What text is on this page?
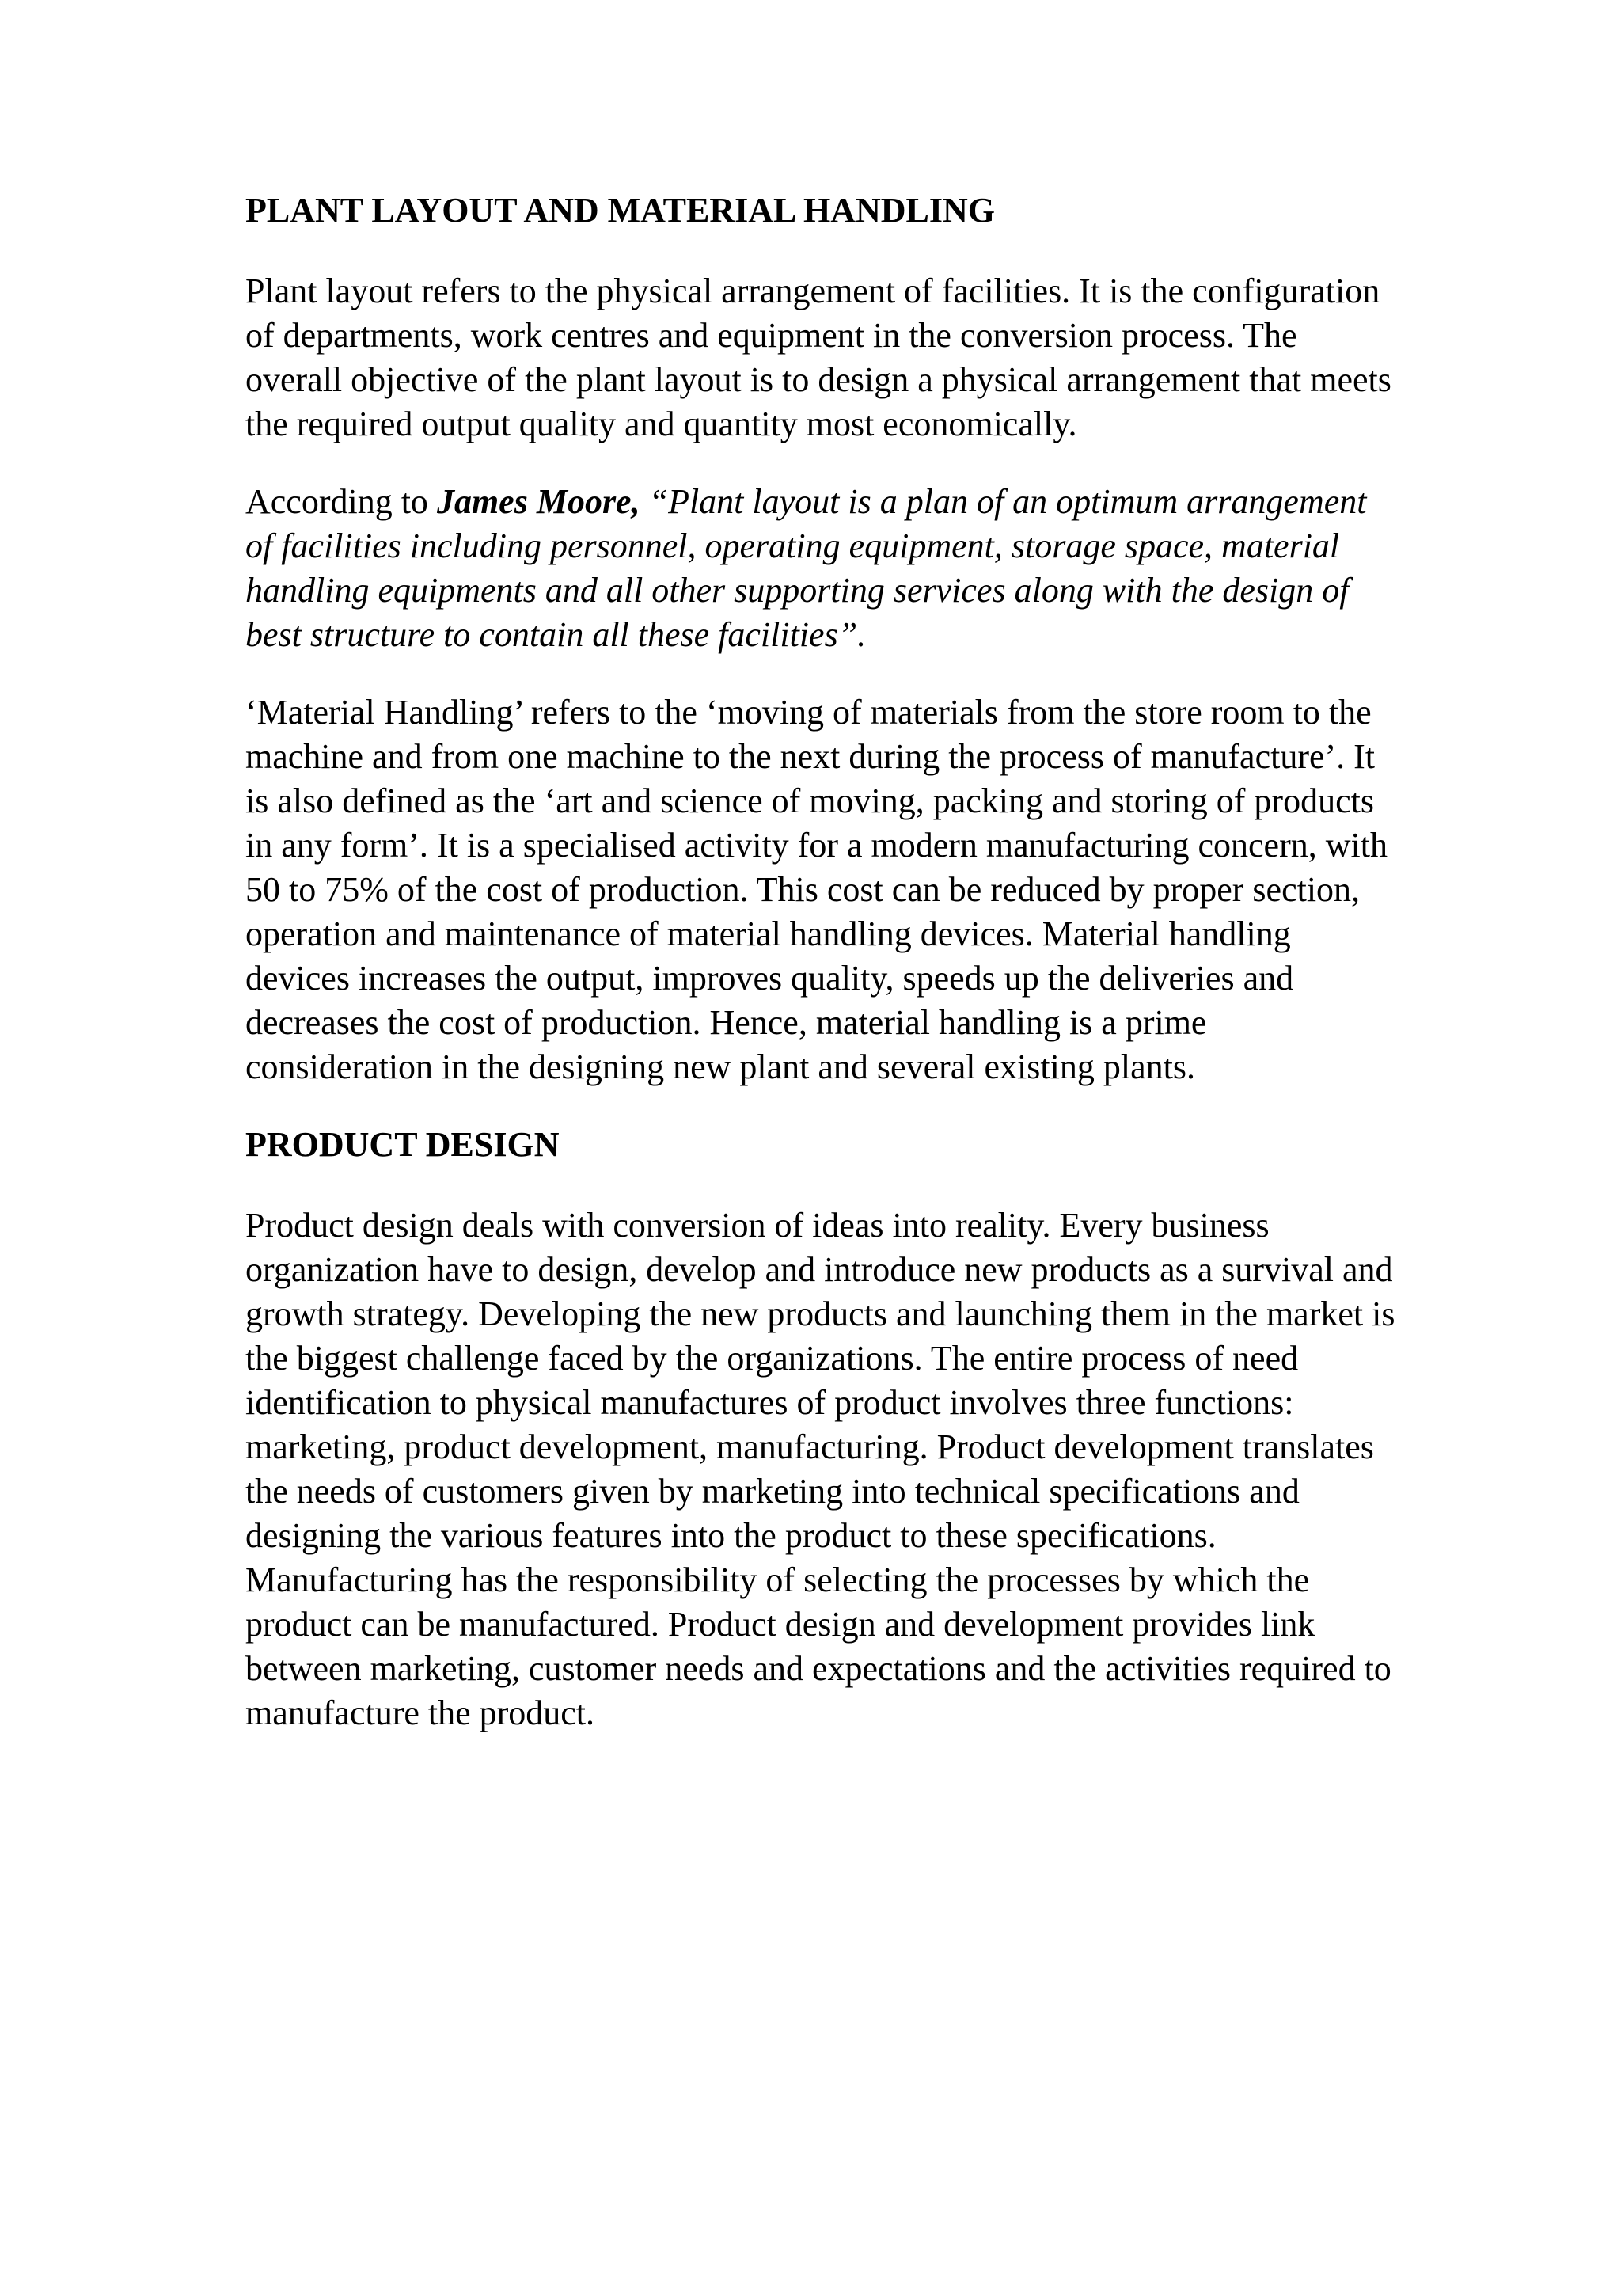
PLANT LAYOUT AND MATERIAL HANDLING

Plant layout refers to the physical arrangement of facilities. It is the configuration of departments, work centres and equipment in the conversion process. The overall objective of the plant layout is to design a physical arrangement that meets the required output quality and quantity most economically.

According to James Moore, “Plant layout is a plan of an optimum arrangement of facilities including personnel, operating equipment, storage space, material handling equipments and all other supporting services along with the design of best structure to contain all these facilities”.

‘Material Handling’ refers to the ‘moving of materials from the store room to the machine and from one machine to the next during the process of manufacture’. It is also defined as the ‘art and science of moving, packing and storing of products in any form’. It is a specialised activity for a modern manufacturing concern, with 50 to 75% of the cost of production. This cost can be reduced by proper section, operation and maintenance of material handling devices. Material handling devices increases the output, improves quality, speeds up the deliveries and decreases the cost of production. Hence, material handling is a prime consideration in the designing new plant and several existing plants.

PRODUCT DESIGN

Product design deals with conversion of ideas into reality. Every business organization have to design, develop and introduce new products as a survival and growth strategy. Developing the new products and launching them in the market is the biggest challenge faced by the organizations. The entire process of need identification to physical manufactures of product involves three functions: marketing, product development, manufacturing. Product development translates the needs of customers given by marketing into technical specifications and designing the various features into the product to these specifications. Manufacturing has the responsibility of selecting the processes by which the product can be manufactured. Product design and development provides link between marketing, customer needs and expectations and the activities required to manufacture the product.
